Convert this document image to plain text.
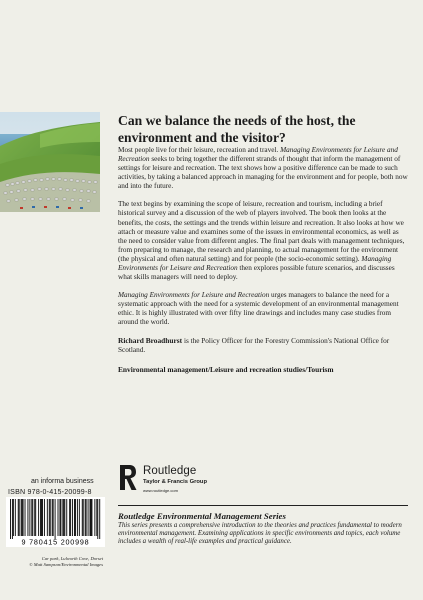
Can we balance the needs of the host, the environment and the visitor?

Most people live for their leisure, recreation and travel. Managing Environments for Leisure and Recreation seeks to bring together the different strands of thought that inform the management of settings for leisure and recreation. The text shows how a positive difference can be made to such activities, by taking a balanced approach in managing for the environment and for people, both now and into the future.

The text begins by examining the scope of leisure, recreation and tourism, including a brief historical survey and a discussion of the web of players involved. The book then looks at the benefits, the costs, the settings and the trends within leisure and recreation. It also looks at how we attach or measure value and examines some of the issues in environmental economics, as well as the need to consider value from different angles. The final part deals with management techniques, from preparing to manage, the research and planning, to actual management for the environment (the physical and often natural setting) and for people (the socio-economic setting). Managing Environments for Leisure and Recreation then explores possible future scenarios, and discusses what skills managers will need to deploy.

Managing Environments for Leisure and Recreation urges managers to balance the need for a systematic approach with the need for a systemic development of an environmental management ethic. It is highly illustrated with over fifty line drawings and includes many case studies from around the world.

Richard Broadhurst is the Policy Officer for the Forestry Commission's National Office for Scotland.

Environmental management/Leisure and recreation studies/Tourism

Routledge
Taylor & Francis Group
www.routledge.com
an informa business
ISBN 978-0-415-20099-8
9 780415 200998
Car park, Lulworth Cove, Dorset
© Matt Sampson/Environmental Images
Routledge Environmental Management Series
This series presents a comprehensive introduction to the theories and practices fundamental to modern environmental management. Examining applications in specific environments and topics, each volume includes a wealth of real-life examples and practical guidance.
